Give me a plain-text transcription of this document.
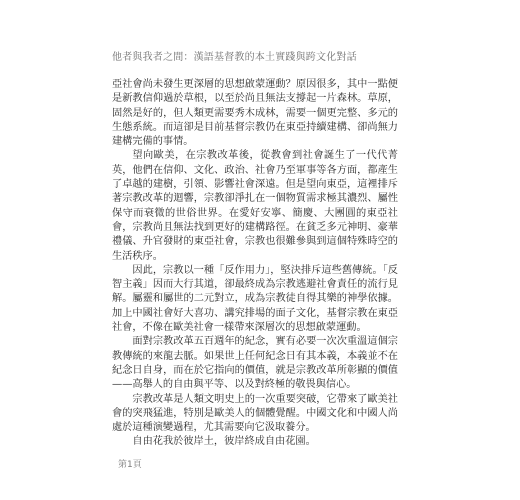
他者與我者之間：漢語基督教的本土實踐與跨文化對話

亞社會尚未發生更深層的思想啟蒙運動？原因很多，其中一點便是新教信仰過於草根，以至於尚且無法支撐起一片森林。草原，固然是好的，但人類更需要秀木成林，需要一個更完整、多元的生態系統。而這卻是目前基督宗教仍在東亞持續建構、卻尚無力建構完備的事情。

望向歐美，在宗教改革後，從教會到社會誕生了一代代菁英，他們在信仰、文化、政治、社會乃至軍事等各方面，都產生了卓越的建樹，引領、影響社會深遠。但是望向東亞，這裡排斥著宗教改革的迴響，宗教卻淨扎在一個物質需求極其濃烈、屬性保守而衰微的世俗世界。在愛好安寧、簡慶、大團圓的東亞社會，宗教尚且無法找到更好的建構路徑。在貧乏多元神明、豪華禮儀、升官發財的東亞社會，宗教也很難參與到這個特殊時空的生活秩序。

因此，宗教以一種「反作用力」，堅決排斥這些舊傳統。「反智主義」因而大行其道，卻最終成為宗教逃避社會責任的流行見解。屬靈和屬世的二元對立，成為宗教徒自得其樂的神學依據。加上中國社會好大喜功、講究排場的面子文化，基督宗教在東亞社會，不像在歐美社會一樣帶來深層次的思想啟蒙運動。

面對宗教改革五百週年的紀念，實有必要一次次重溫這個宗教傳統的來龍去脈。如果世上任何紀念日有其本義，本義並不在紀念日自身，而在於它指向的價值，就是宗教改革所彰顯的價值——高舉人的自由與平等、以及對終極的敬畏與信心。

宗教改革是人類文明史上的一次重要突破，它帶來了歐美社會的突飛猛進，特別是歐美人的個體覺醒。中國文化和中國人尚處於這種演變過程，尤其需要向它汲取養分。

自由花我於彼岸土，彼岸終成自由花園。

第1頁
